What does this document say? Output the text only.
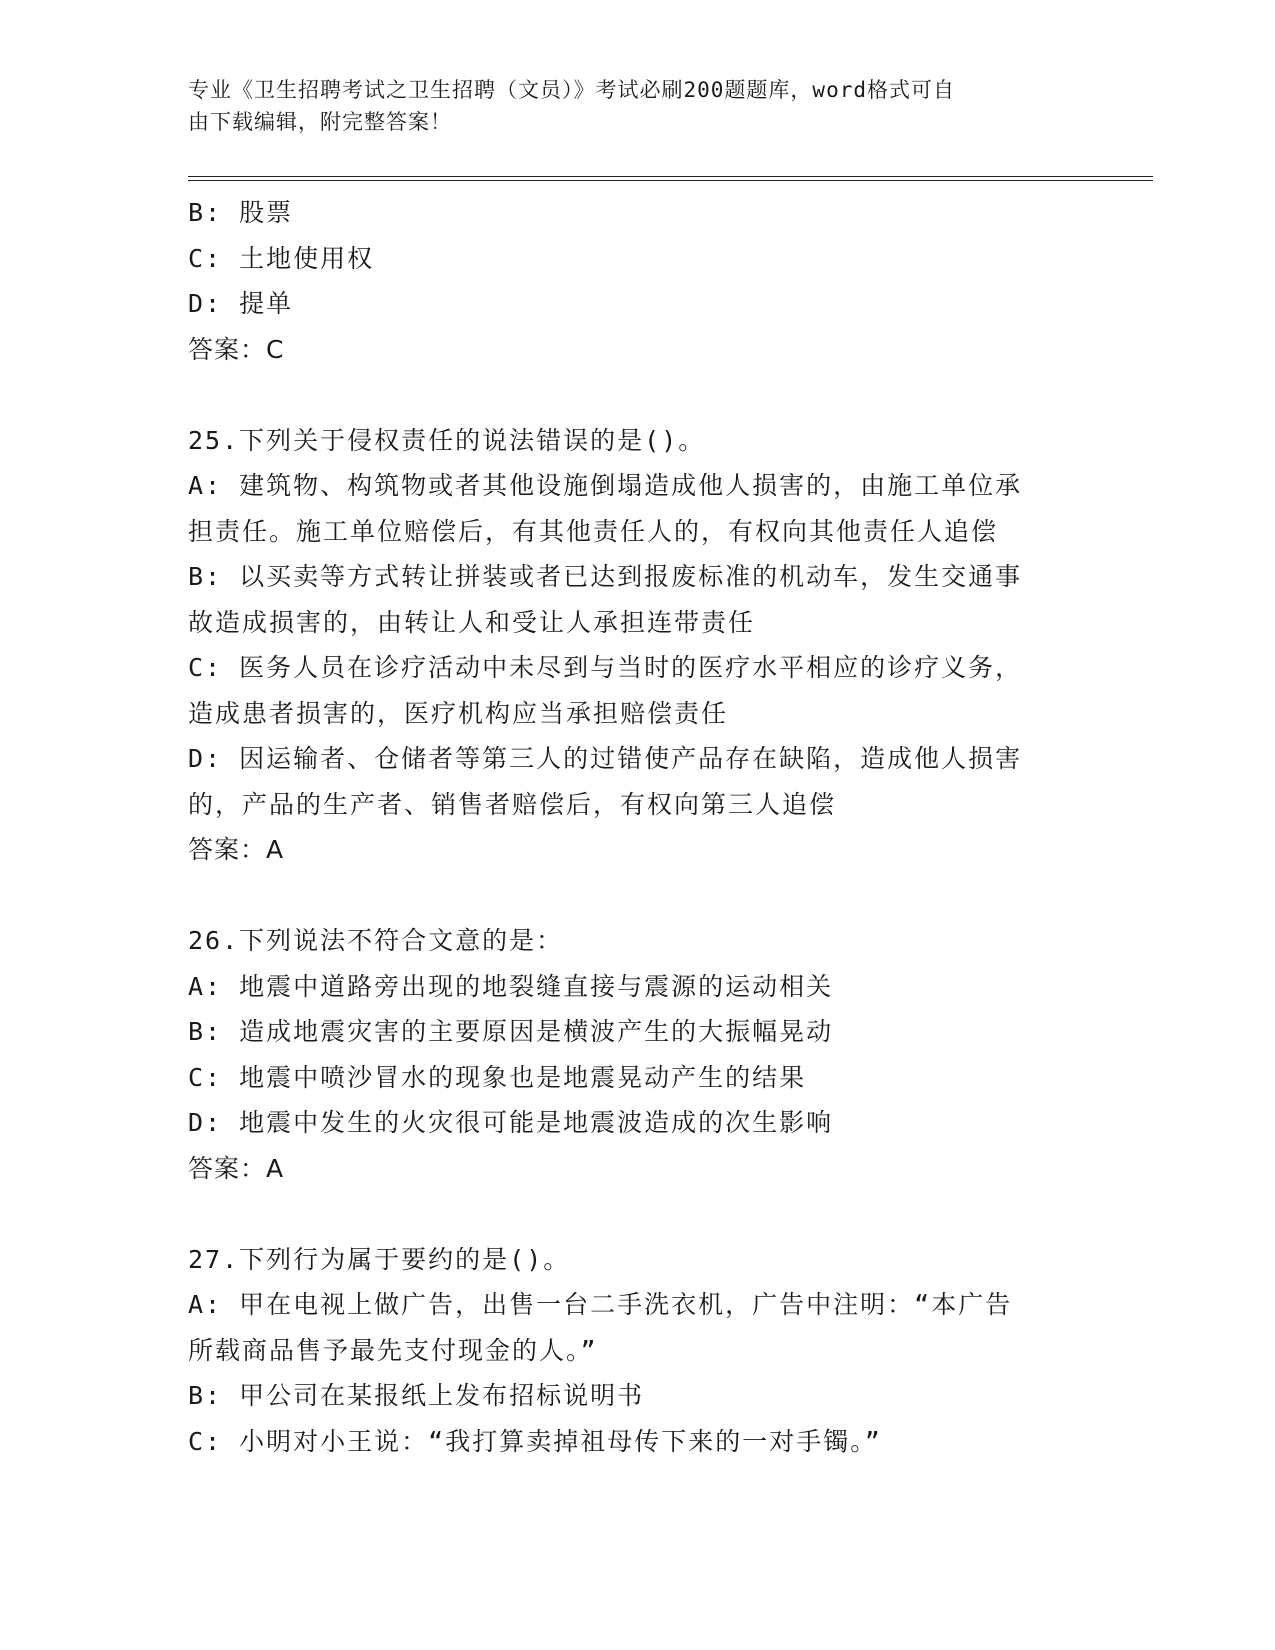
专业《卫生招聘考试之卫生招聘（文员）》考试必刷200题题库，word格式可自
由下载编辑，附完整答案！
B: 股票
C: 土地使用权
D: 提单
答案：C
25.下列关于侵权责任的说法错误的是()。
A: 建筑物、构筑物或者其他设施倒塌造成他人损害的，由施工单位承
担责任。施工单位赔偿后，有其他责任人的，有权向其他责任人追偿
B: 以买卖等方式转让拼装或者已达到报废标准的机动车，发生交通事
故造成损害的，由转让人和受让人承担连带责任
C: 医务人员在诊疗活动中未尽到与当时的医疗水平相应的诊疗义务，
造成患者损害的，医疗机构应当承担赔偿责任
D: 因运输者、仓储者等第三人的过错使产品存在缺陷，造成他人损害
的，产品的生产者、销售者赔偿后，有权向第三人追偿
答案：A
26.下列说法不符合文意的是：
A: 地震中道路旁出现的地裂缝直接与震源的运动相关
B: 造成地震灾害的主要原因是横波产生的大振幅晃动
C: 地震中喷沙冒水的现象也是地震晃动产生的结果
D: 地震中发生的火灾很可能是地震波造成的次生影响
答案：A
27.下列行为属于要约的是()。
A: 甲在电视上做广告，出售一台二手洗衣机，广告中注明：“本广告
所载商品售予最先支付现金的人。”
B: 甲公司在某报纸上发布招标说明书
C: 小明对小王说：“我打算卖掉祖母传下来的一对手镯。”
